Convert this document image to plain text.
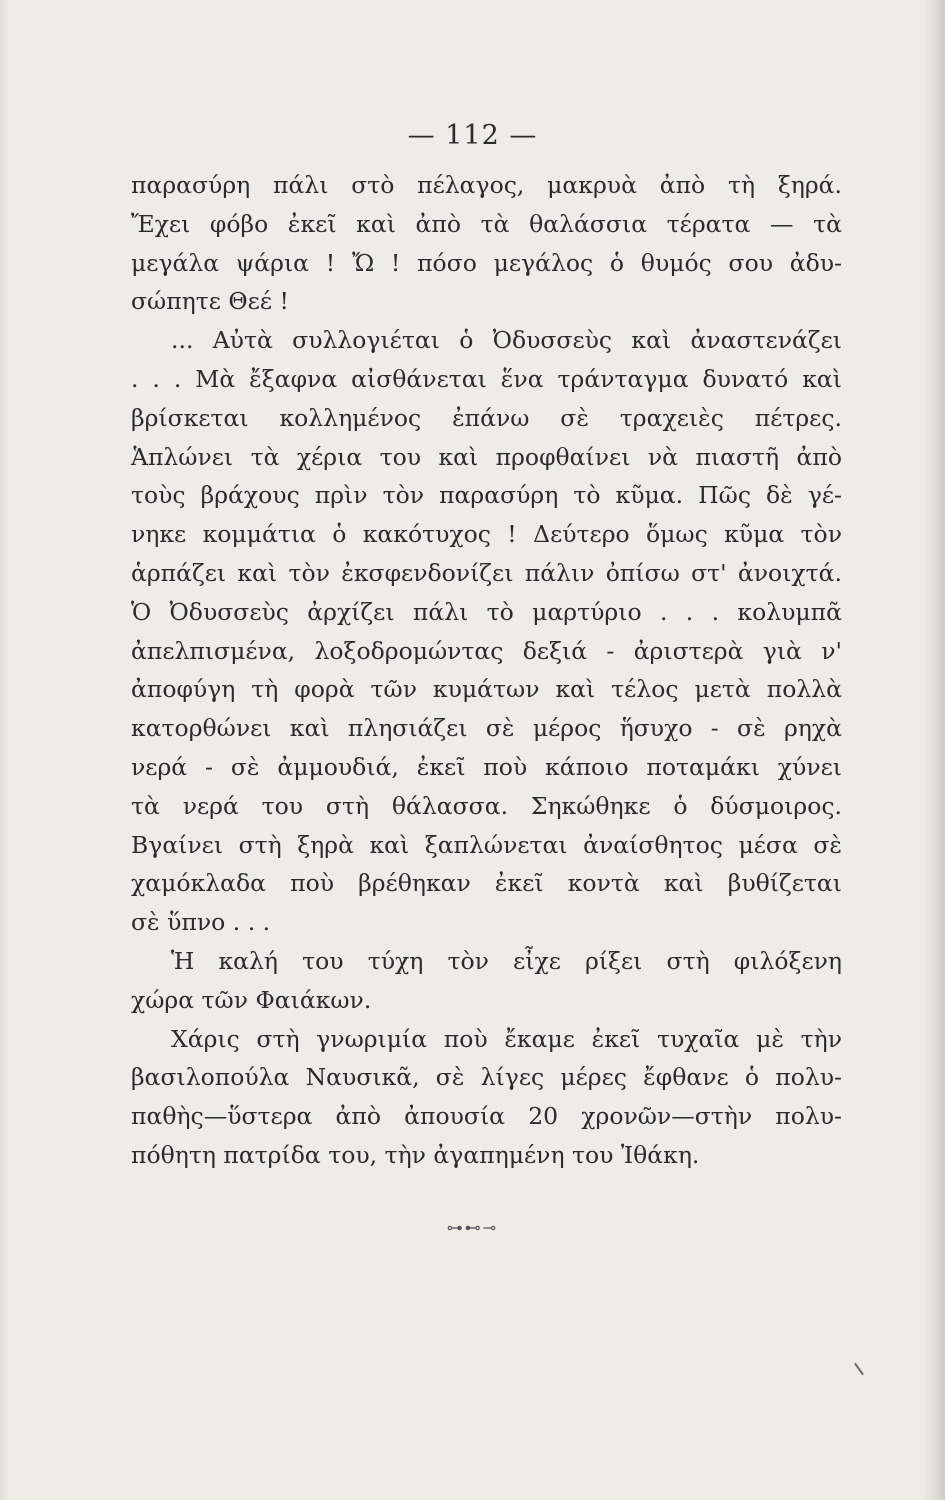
— 112 —
παρασύρη πάλι στὸ πέλαγος, μακρυὰ ἀπὸ τὴ ξηρά.
Ἔχει φόβο ἐκεῖ καὶ ἀπὸ τὰ θαλάσσια τέρατα — τὰ
μεγάλα ψάρια ! Ὤ ! πόσο μεγάλος ὁ θυμός σου ἀδυ-
σώπητε Θεέ !
... Αὐτὰ συλλογιέται ὁ Ὀδυσσεὺς καὶ ἀναστενάζει
. . . Μὰ ἔξαφνα αἰσθάνεται ἕνα τράνταγμα δυνατό καὶ
βρίσκεται κολλημένος ἐπάνω σὲ τραχειὲς πέτρες.
Ἁπλώνει τὰ χέρια του καὶ προφθαίνει νὰ πιαστῆ ἀπὸ
τοὺς βράχους πρὶν τὸν παρασύρη τὸ κῦμα. Πῶς δὲ γέ-
νηκε κομμάτια ὁ κακότυχος ! Δεύτερο ὅμως κῦμα τὸν
ἁρπάζει καὶ τὸν ἐκσφενδονίζει πάλιν ὀπίσω στ' ἀνοιχτά.
Ὁ Ὀδυσσεὺς ἀρχίζει πάλι τὸ μαρτύριο . . . κολυμπᾶ
ἀπελπισμένα, λοξοδρομώντας δεξιά - ἀριστερὰ γιὰ ν'
ἀποφύγη τὴ φορὰ τῶν κυμάτων καὶ τέλος μετὰ πολλὰ
κατορθώνει καὶ πλησιάζει σὲ μέρος ἥσυχο - σὲ ρηχὰ
νερά - σὲ ἀμμουδιά, ἐκεῖ ποὺ κάποιο ποταμάκι χύνει
τὰ νερά του στὴ θάλασσα. Σηκώθηκε ὁ δύσμοιρος.
Βγαίνει στὴ ξηρὰ καὶ ξαπλώνεται ἀναίσθητος μέσα σὲ
χαμόκλαδα ποὺ βρέθηκαν ἐκεῖ κοντὰ καὶ βυθίζεται
σὲ ὕπνο . . .
Ἡ καλή του τύχη τὸν εἶχε ρίξει στὴ φιλόξενη
χώρα τῶν Φαιάκων.
Χάρις στὴ γνωριμία ποὺ ἔκαμε ἐκεῖ τυχαῖα μὲ τὴν
βασιλοπούλα Ναυσικᾶ, σὲ λίγες μέρες ἔφθανε ὁ πολυ-
παθὴς—ὕστερα ἀπὸ ἀπουσία 20 χρονῶν—στὴν πολυ-
πόθητη πατρίδα του, τὴν ἀγαπημένη του Ἰθάκη.
⊶⊷⊸
